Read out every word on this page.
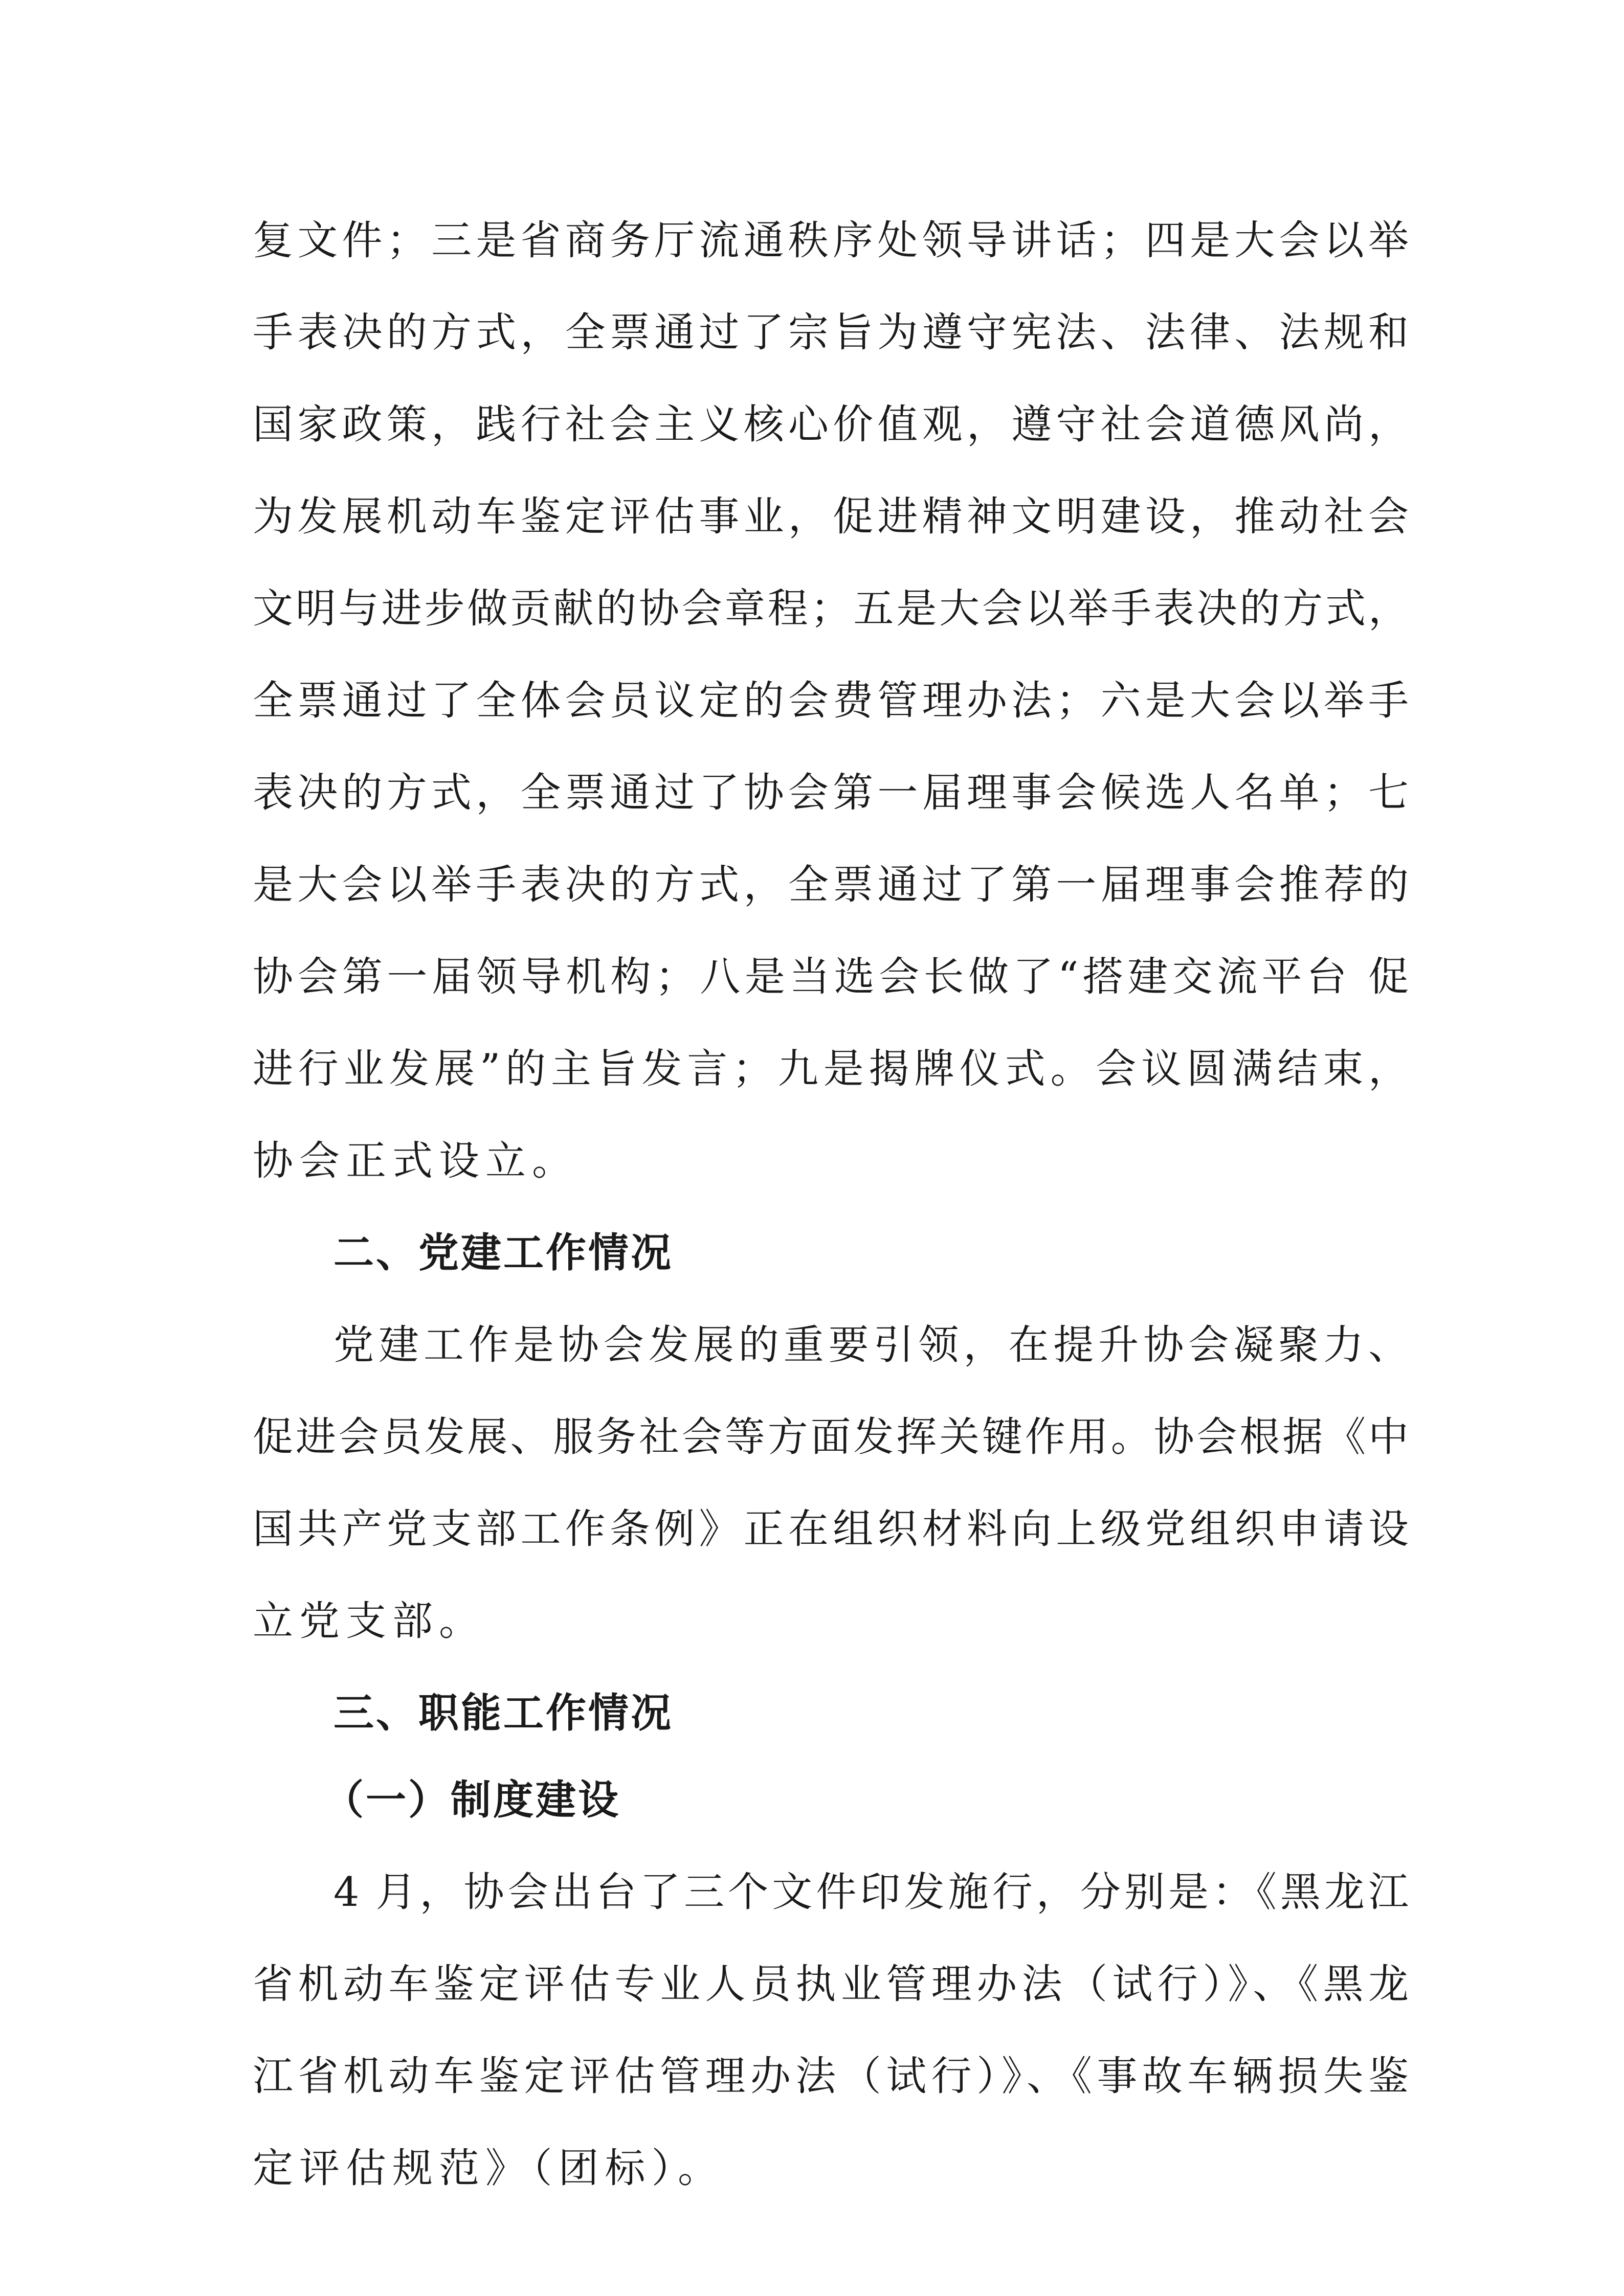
复文件；三是省商务厅流通秩序处领导讲话；四是大会以举

手表决的方式，全票通过了宗旨为遵守宪法、法律、法规和

国家政策，践行社会主义核心价值观，遵守社会道德风尚，

为发展机动车鉴定评估事业，促进精神文明建设，推动社会

文明与进步做贡献的协会章程；五是大会以举手表决的方式，

全票通过了全体会员议定的会费管理办法；六是大会以举手

表决的方式，全票通过了协会第一届理事会候选人名单；七

是大会以举手表决的方式，全票通过了第一届理事会推荐的

协会第一届领导机构；八是当选会长做了“搭建交流平台 促

进行业发展”的主旨发言；九是揭牌仪式。会议圆满结束，

协会正式设立。

二、党建工作情况

党建工作是协会发展的重要引领，在提升协会凝聚力、

促进会员发展、服务社会等方面发挥关键作用。协会根据《中

国共产党支部工作条例》正在组织材料向上级党组织申请设

立党支部。

三、职能工作情况

（一）制度建设

4 月，协会出台了三个文件印发施行，分别是：《黑龙江

省机动车鉴定评估专业人员执业管理办法（试行）》、《黑龙

江省机动车鉴定评估管理办法（试行）》、《事故车辆损失鉴

定评估规范》（团标）。
